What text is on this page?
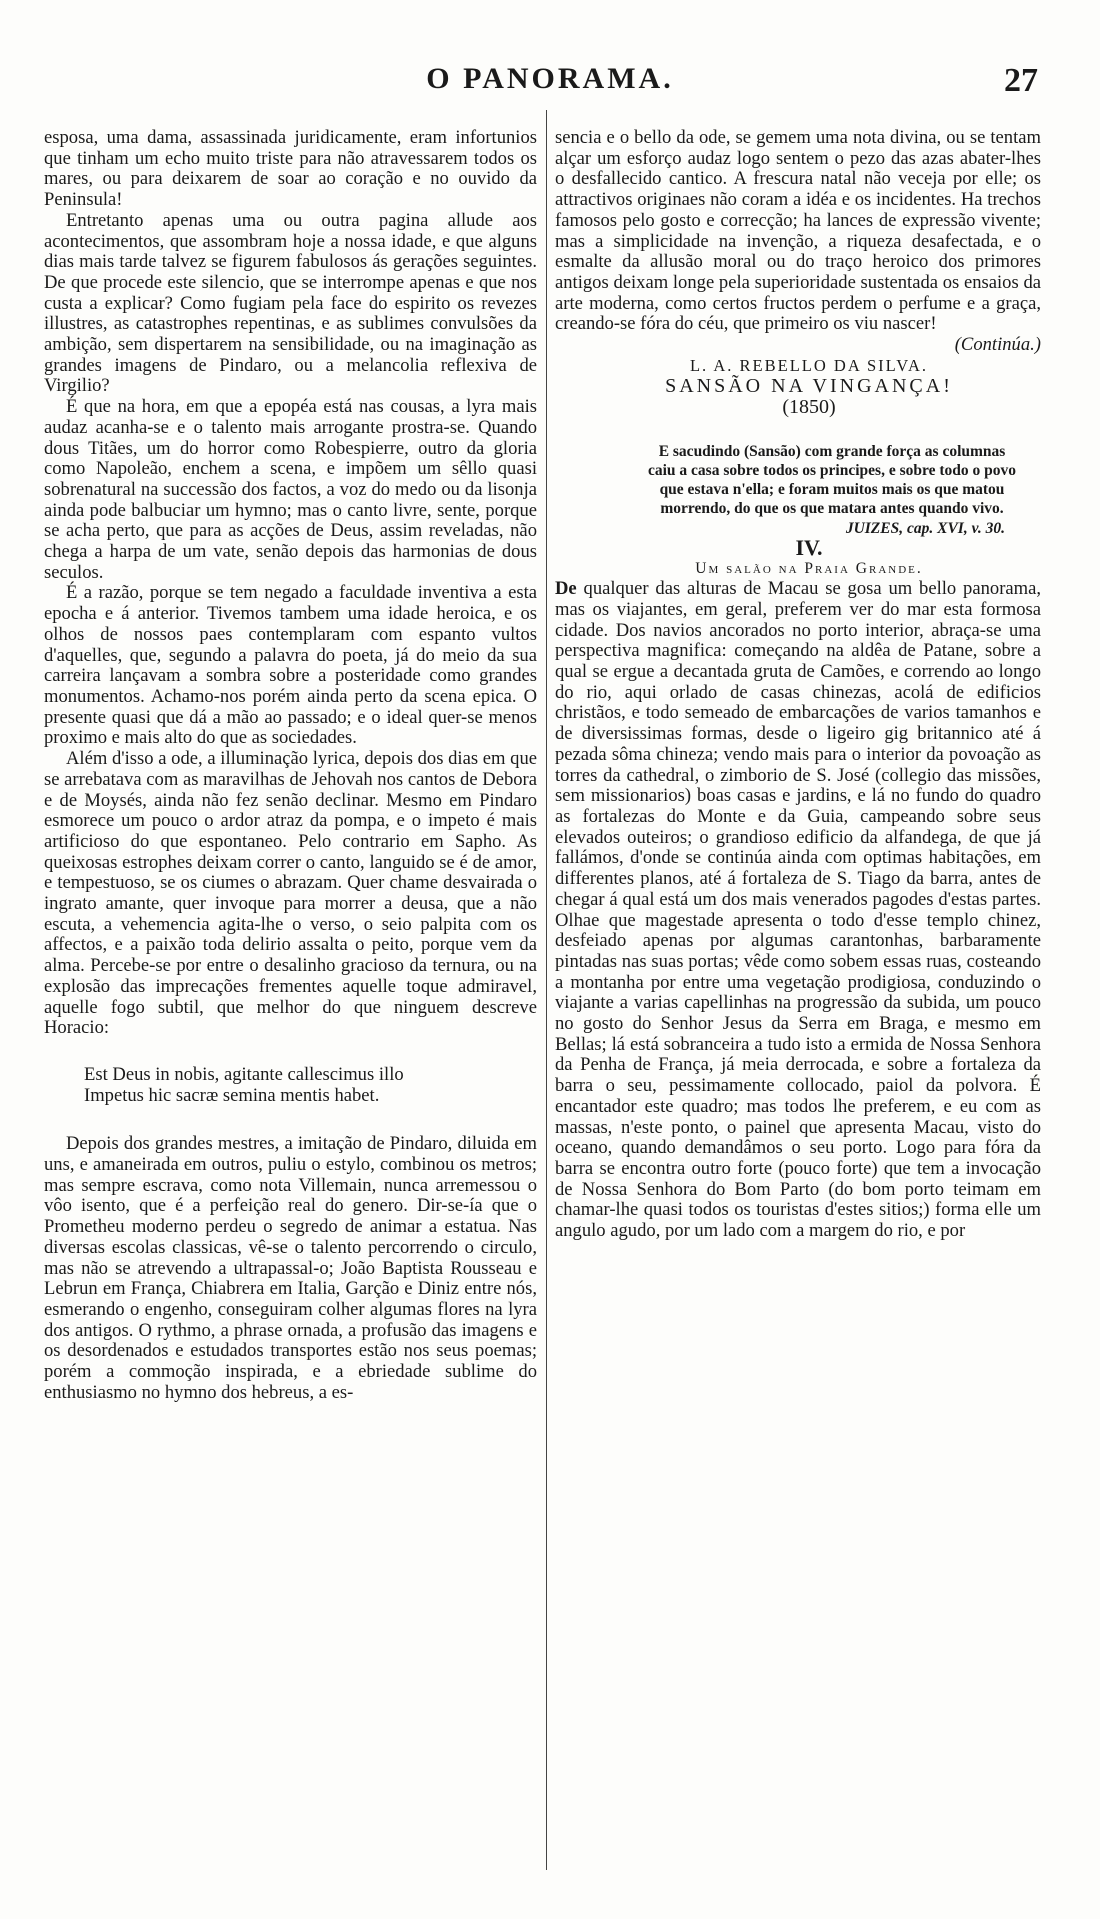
O PANORAMA.	27

esposa, uma dama, assassinada juridicamente, eram infortunios que tinham um echo muito triste para não atravessarem todos os mares, ou para deixarem de soar ao coração e no ouvido da Peninsula!

Entretanto apenas uma ou outra pagina allude aos acontecimentos, que assombram hoje a nossa idade, e que alguns dias mais tarde talvez se figurem fabulosos ás gerações seguintes. De que procede este silencio, que se interrompe apenas e que nos custa a explicar? Como fugiam pela face do espirito os revezes illustres, as catastrophes repentinas, e as sublimes convulsões da ambição, sem dispertarem na sensibilidade, ou na imaginação as grandes imagens de Pindaro, ou a melancolia reflexiva de Virgilio?

É que na hora, em que a epopéa está nas cousas, a lyra mais audaz acanha-se e o talento mais arrogante prostra-se. Quando dous Titães, um do horror como Robespierre, outro da gloria como Napoleão, enchem a scena, e impõem um sêllo quasi sobrenatural na successão dos factos, a voz do medo ou da lisonja ainda pode balbuciar um hymno; mas o canto livre, sente, porque se acha perto, que para as acções de Deus, assim reveladas, não chega a harpa de um vate, senão depois das harmonias de dous seculos.

É a razão, porque se tem negado a faculdade inventiva a esta epocha e á anterior. Tivemos tambem uma idade heroica, e os olhos de nossos paes contemplaram com espanto vultos d'aquelles, que, segundo a palavra do poeta, já do meio da sua carreira lançavam a sombra sobre a posteridade como grandes monumentos. Achamo-nos porém ainda perto da scena epica. O presente quasi que dá a mão ao passado; e o ideal quer-se menos proximo e mais alto do que as sociedades.

Além d'isso a ode, a illuminação lyrica, depois dos dias em que se arrebatava com as maravilhas de Jehovah nos cantos de Debora e de Moysés, ainda não fez senão declinar. Mesmo em Pindaro esmorece um pouco o ardor atraz da pompa, e o impeto é mais artificioso do que espontaneo. Pelo contrario em Sapho. As queixosas estrophes deixam correr o canto, languido se é de amor, e tempestuoso, se os ciumes o abrazam. Quer chame desvairada o ingrato amante, quer invoque para morrer a deusa, que a não escuta, a vehemencia agita-lhe o verso, o seio palpita com os affectos, e a paixão toda delirio assalta o peito, porque vem da alma. Percebe-se por entre o desalinho gracioso da ternura, ou na explosão das imprecações frementes aquelle toque admiravel, aquelle fogo subtil, que melhor do que ninguem descreve Horacio:

Est Deus in nobis, agitante callescimus illo
Impetus hic sacræ semina mentis habet.

Depois dos grandes mestres, a imitação de Pindaro, diluida em uns, e amaneirada em outros, puliu o estylo, combinou os metros; mas sempre escrava, como nota Villemain, nunca arremessou o vôo isento, que é a perfeição real do genero. Dir-se-ía que o Prometheu moderno perdeu o segredo de animar a estatua. Nas diversas escolas classicas, vê-se o talento percorrendo o circulo, mas não se atrevendo a ultrapassal-o; João Baptista Rousseau e Lebrun em França, Chiabrera em Italia, Garção e Diniz entre nós, esmerando o engenho, conseguiram colher algumas flores na lyra dos antigos. O rythmo, a phrase ornada, a profusão das imagens e os desordenados e estudados transportes estão nos seus poemas; porém a commoção inspirada, e a ebriedade sublime do enthusiasmo no hymno dos hebreus, a es-

sencia e o bello da ode, se gemem uma nota divina, ou se tentam alçar um esforço audaz logo sentem o pezo das azas abater-lhes o desfallecido cantico. A frescura natal não veceja por elle; os attractivos originaes não coram a idéa e os incidentes. Ha trechos famosos pelo gosto e correcção; ha lances de expressão vivente; mas a simplicidade na invenção, a riqueza desafectada, e o esmalte da allusão moral ou do traço heroico dos primores antigos deixam longe pela superioridade sustentada os ensaios da arte moderna, como certos fructos perdem o perfume e a graça, creando-se fóra do céu, que primeiro os viu nascer!

(Continúa.)

L. A. REBELLO DA SILVA.

SANSÃO NA VINGANÇA!

(1850)

E sacudindo (Sansão) com grande força as columnas caiu a casa sobre todos os principes, e sobre todo o povo que estava n'ella; e foram muitos mais os que matou morrendo, do que os que matara antes quando vivo.
JUIZES, cap. XVI, v. 30.

IV.

Um salão na Praia Grande.

De qualquer das alturas de Macau se gosa um bello panorama, mas os viajantes, em geral, preferem ver do mar esta formosa cidade. Dos navios ancorados no porto interior, abraça-se uma perspectiva magnifica: começando na aldêa de Patane, sobre a qual se ergue a decantada gruta de Camões, e correndo ao longo do rio, aqui orlado de casas chinezas, acolá de edificios christãos, e todo semeado de embarcações de varios tamanhos e de diversissimas formas, desde o ligeiro gig britannico até á pezada sôma chineza; vendo mais para o interior da povoação as torres da cathedral, o zimborio de S. José (collegio das missões, sem missionarios) boas casas e jardins, e lá no fundo do quadro as fortalezas do Monte e da Guia, campeando sobre seus elevados outeiros; o grandioso edificio da alfandega, de que já fallámos, d'onde se continúa ainda com optimas habitações, em differentes planos, até á fortaleza de S. Tiago da barra, antes de chegar á qual está um dos mais venerados pagodes d'estas partes. Olhae que magestade apresenta o todo d'esse templo chinez, desfeiado apenas por algumas carantonhas, barbaramente pintadas nas suas portas; vêde como sobem essas ruas, costeando a montanha por entre uma vegetação prodigiosa, conduzindo o viajante a varias capellinhas na progressão da subida, um pouco no gosto do Senhor Jesus da Serra em Braga, e mesmo em Bellas; lá está sobranceira a tudo isto a ermida de Nossa Senhora da Penha de França, já meia derrocada, e sobre a fortaleza da barra o seu, pessimamente collocado, paiol da polvora. É encantador este quadro; mas todos lhe preferem, e eu com as massas, n'este ponto, o painel que apresenta Macau, visto do oceano, quando demandâmos o seu porto. Logo para fóra da barra se encontra outro forte (pouco forte) que tem a invocação de Nossa Senhora do Bom Parto (do bom porto teimam em chamar-lhe quasi todos os touristas d'estes sitios;) forma elle um angulo agudo, por um lado com a margem do rio, e por
